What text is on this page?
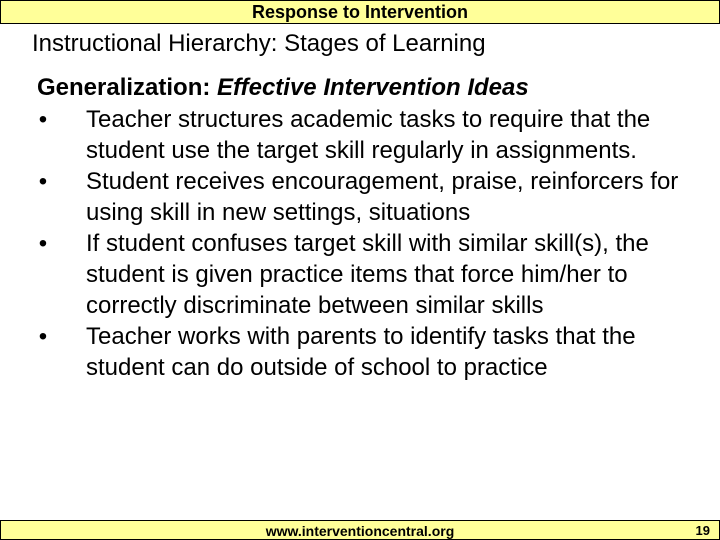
Response to Intervention
Instructional Hierarchy: Stages of Learning

Generalization: Effective Intervention Ideas

• Teacher structures academic tasks to require that the student use the target skill regularly in assignments.
• Student receives encouragement, praise, reinforcers for using skill in new settings, situations
• If student confuses target skill with similar skill(s), the student is given practice items that force him/her to correctly discriminate between similar skills
• Teacher works with parents to identify tasks that the student can do outside of school to practice
www.interventioncentral.org	19
